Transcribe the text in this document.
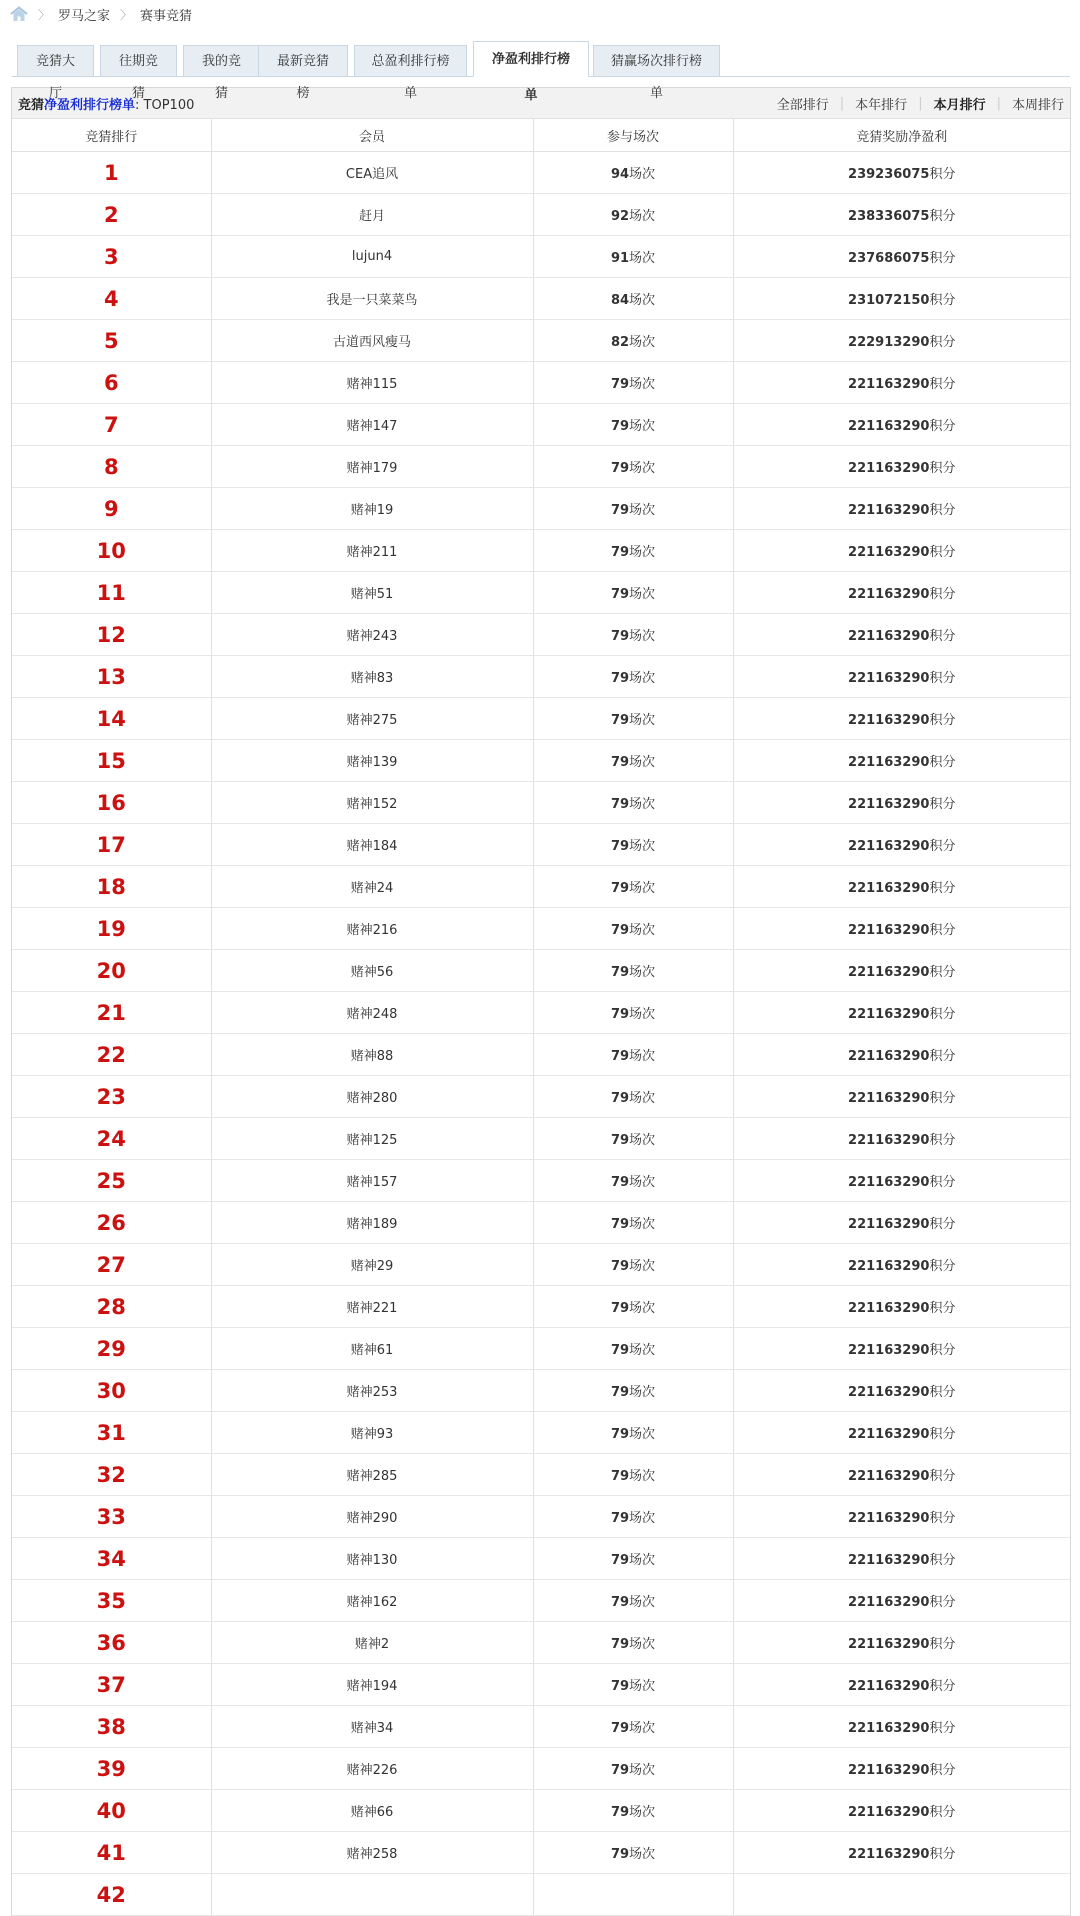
〉 罗马之家 〉 赛事竞猜
竞猜大厅
往期竞猜
我的竞猜
最新竞猜榜
总盈利排行榜单
净盈利排行榜单
猜赢场次排行榜单
竞猜净盈利排行榜单: TOP100	全部排行 | 本年排行 | 本月排行 | 本周排行
竞猜排行	会员	参与场次	竞猜奖励净盈利
1	CEA追风	94场次	239236075积分
2	赶月	92场次	238336075积分
3	lujun4	91场次	237686075积分
4	我是一只菜菜鸟	84场次	231072150积分
5	古道西风瘦马	82场次	222913290积分
6	赌神115	79场次	221163290积分
7	赌神147	79场次	221163290积分
8	赌神179	79场次	221163290积分
9	赌神19	79场次	221163290积分
10	赌神211	79场次	221163290积分
11	赌神51	79场次	221163290积分
12	赌神243	79场次	221163290积分
13	赌神83	79场次	221163290积分
14	赌神275	79场次	221163290积分
15	赌神139	79场次	221163290积分
16	赌神152	79场次	221163290积分
17	赌神184	79场次	221163290积分
18	赌神24	79场次	221163290积分
19	赌神216	79场次	221163290积分
20	赌神56	79场次	221163290积分
21	赌神248	79场次	221163290积分
22	赌神88	79场次	221163290积分
23	赌神280	79场次	221163290积分
24	赌神125	79场次	221163290积分
25	赌神157	79场次	221163290积分
26	赌神189	79场次	221163290积分
27	赌神29	79场次	221163290积分
28	赌神221	79场次	221163290积分
29	赌神61	79场次	221163290积分
30	赌神253	79场次	221163290积分
31	赌神93	79场次	221163290积分
32	赌神285	79场次	221163290积分
33	赌神290	79场次	221163290积分
34	赌神130	79场次	221163290积分
35	赌神162	79场次	221163290积分
36	赌神2	79场次	221163290积分
37	赌神194	79场次	221163290积分
38	赌神34	79场次	221163290积分
39	赌神226	79场次	221163290积分
40	赌神66	79场次	221163290积分
41	赌神258	79场次	221163290积分
42			
